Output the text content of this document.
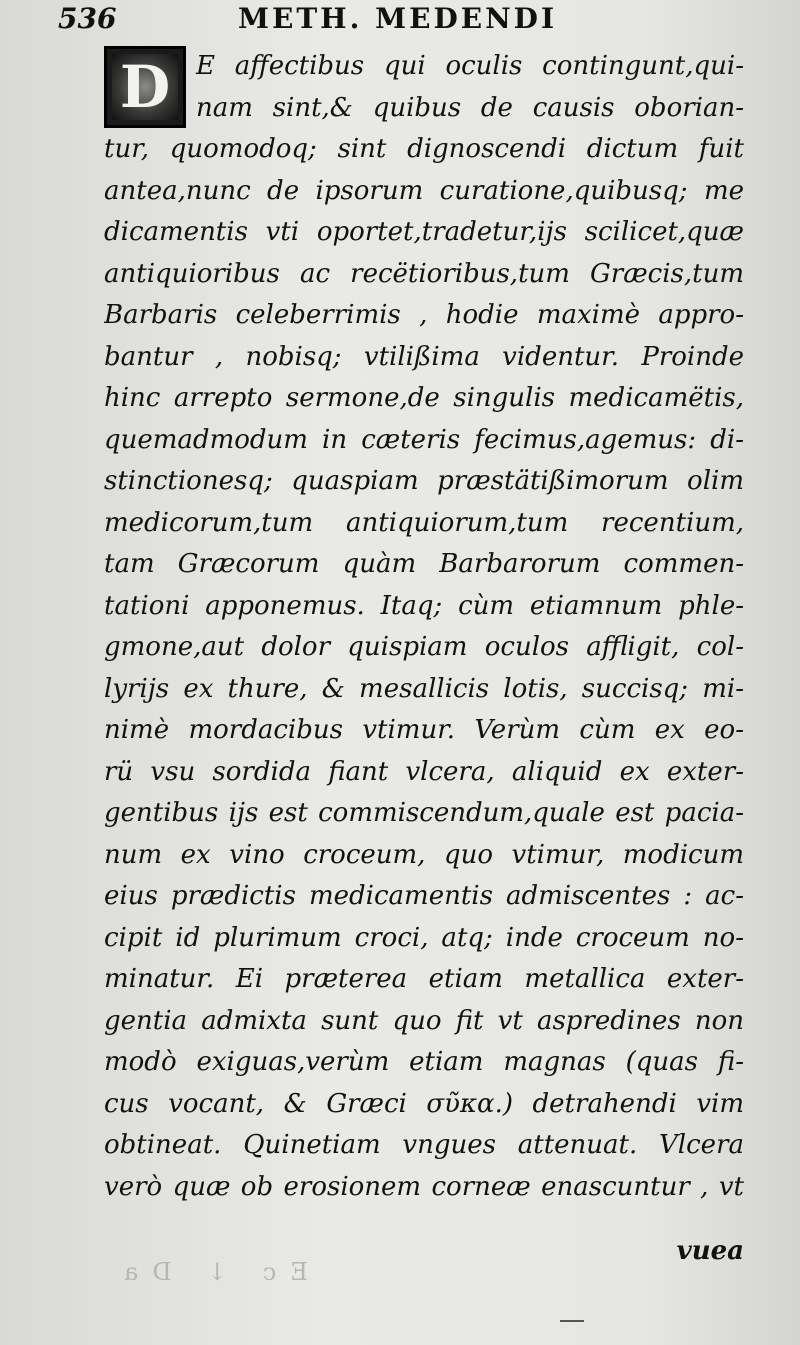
536	METH. MEDENDI
E affectibus qui oculis contingunt,qui-
nam sint,& quibus de causis oborian-
tur, quomodoq; sint dignoscendi dictum fuit
antea,nunc de ipsorum curatione,quibusq; me
dicamentis vti oportet,tradetur,ijs scilicet,quæ
antiquioribus ac recëtioribus,tum Græcis,tum
Barbaris celeberrimis , hodie maximè appro-
bantur , nobisq; vtilißima videntur. Proinde
hinc arrepto sermone,de singulis medicamëtis,
quemadmodum in cæteris fecimus,agemus: di-
stinctionesq; quaspiam præstätißimorum olim
medicorum,tum antiquiorum,tum recentium,
tam Græcorum quàm Barbarorum commen-
tationi apponemus. Itaq; cùm etiamnum phle-
gmone,aut dolor quispiam oculos affligit, col-
lyrijs ex thure, & mesallicis lotis, succisq; mi-
nimè mordacibus vtimur. Verùm cùm ex eo-
rü vsu sordida fiant vlcera, aliquid ex exter-
gentibus ijs est commiscendum,quale est pacia-
num ex vino croceum, quo vtimur, modicum
eius prædictis medicamentis admiscentes : ac-
cipit id plurimum croci, atq; inde croceum no-
minatur. Ei præterea etiam metallica exter-
gentia admixta sunt quo fit vt aspredines non
modò exiguas,verùm etiam magnas (quas fi-
cus vocant, & Græci σῦκα.) detrahendi vim
obtineat. Quinetiam vngues attenuat. Vlcera
verò quæ ob erosionem corneæ enascuntur , vt
D
vuea
Ec ↓ Da
